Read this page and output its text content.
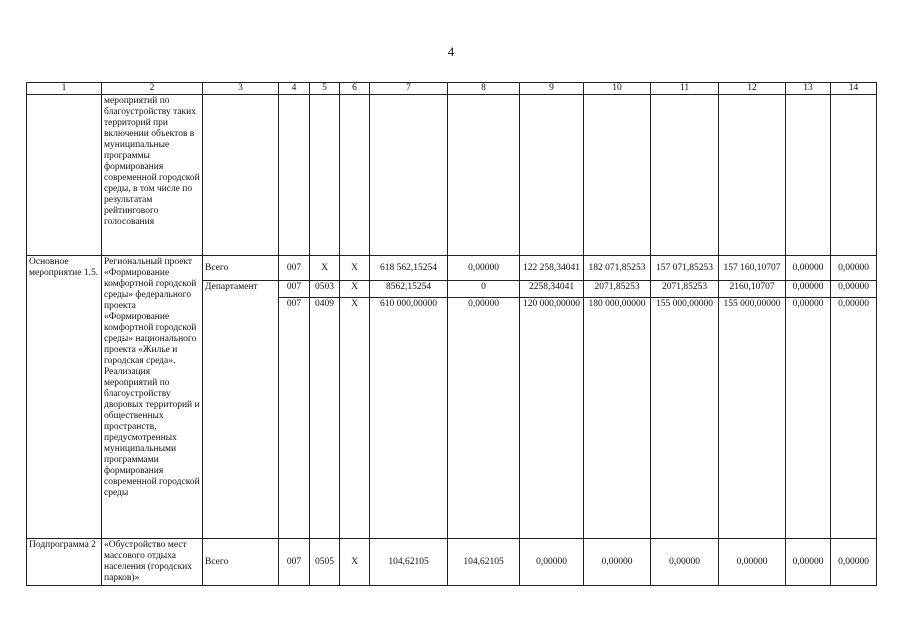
4
1	2	3	4	5	6	7	8	9	10	11	12	13	14
	мероприятий по благоустройству таких территорий при включении объектов в муниципальные программы формирования современной городской среды, в том числе по результатам рейтингового голосования												
Основное мероприятие 1.5.	Региональный проект «Формирование комфортной городской среды» федерального проекта «Формирование комфортной городской среды» национального проекта «Жилье и городская среда». Реализация мероприятий по благоустройству дворовых территорий и общественных пространств, предусмотренных муниципальными программами формирования современной городской среды	Всего	007	X	X	618 562,15254	0,00000	122 258,34041	182 071,85253	157 071,85253	157 160,10707	0,00000	0,00000
		Департамент	007	0503	X	8562,15254	0	2258,34041	2071,85253	2071,85253	2160,10707	0,00000	0,00000
			007	0409	X	610 000,00000	0,00000	120 000,00000	180 000,00000	155 000,00000	155 000,00000	0,00000	0,00000
Подпрограмма 2	«Обустройство мест массового отдыха населения (городских парков)»	Всего	007	0505	X	104,62105	104,62105	0,00000	0,00000	0,00000	0,00000	0,00000	0,00000
